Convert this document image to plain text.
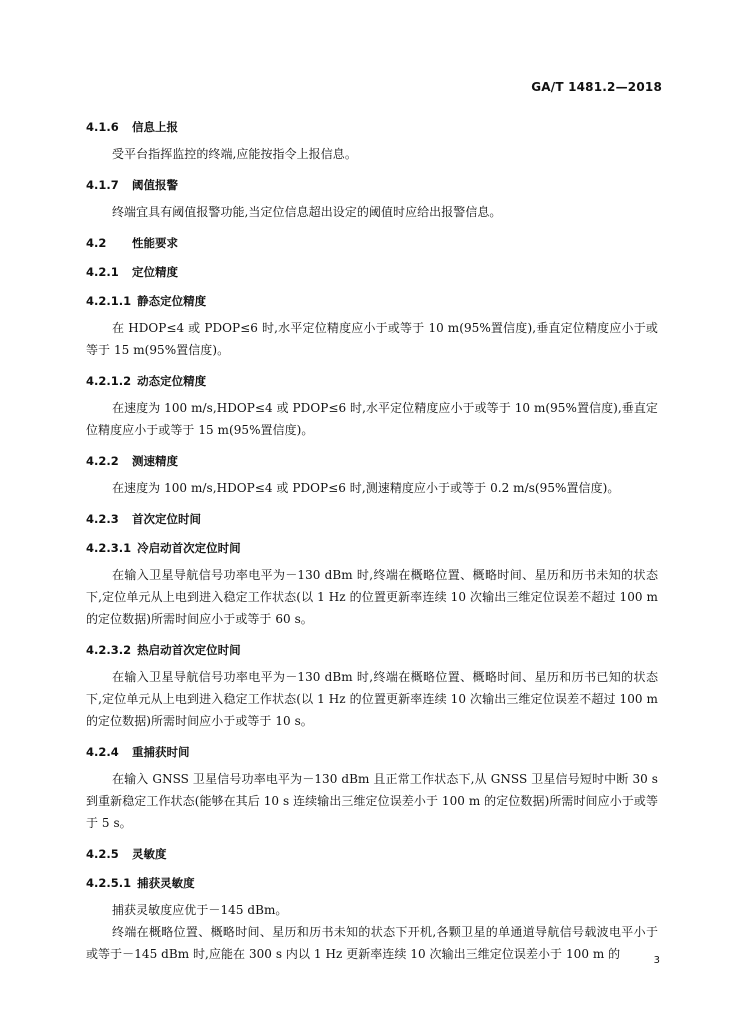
GA/T 1481.2—2018
4.1.6 信息上报
受平台指挥监控的终端,应能按指令上报信息。
4.1.7 阈值报警
终端宜具有阈值报警功能,当定位信息超出设定的阈值时应给出报警信息。
4.2 性能要求
4.2.1 定位精度
4.2.1.1 静态定位精度
在 HDOP≤4 或 PDOP≤6 时,水平定位精度应小于或等于 10 m(95%置信度),垂直定位精度应小于或等于 15 m(95%置信度)。
4.2.1.2 动态定位精度
在速度为 100 m/s,HDOP≤4 或 PDOP≤6 时,水平定位精度应小于或等于 10 m(95%置信度),垂直定位精度应小于或等于 15 m(95%置信度)。
4.2.2 测速精度
在速度为 100 m/s,HDOP≤4 或 PDOP≤6 时,测速精度应小于或等于 0.2 m/s(95%置信度)。
4.2.3 首次定位时间
4.2.3.1 冷启动首次定位时间
在输入卫星导航信号功率电平为－130 dBm 时,终端在概略位置、概略时间、星历和历书未知的状态下,定位单元从上电到进入稳定工作状态(以 1 Hz 的位置更新率连续 10 次输出三维定位误差不超过 100 m 的定位数据)所需时间应小于或等于 60 s。
4.2.3.2 热启动首次定位时间
在输入卫星导航信号功率电平为－130 dBm 时,终端在概略位置、概略时间、星历和历书已知的状态下,定位单元从上电到进入稳定工作状态(以 1 Hz 的位置更新率连续 10 次输出三维定位误差不超过 100 m 的定位数据)所需时间应小于或等于 10 s。
4.2.4 重捕获时间
在输入 GNSS 卫星信号功率电平为－130 dBm 且正常工作状态下,从 GNSS 卫星信号短时中断 30 s 到重新稳定工作状态(能够在其后 10 s 连续输出三维定位误差小于 100 m 的定位数据)所需时间应小于或等于 5 s。
4.2.5 灵敏度
4.2.5.1 捕获灵敏度
捕获灵敏度应优于－145 dBm。
终端在概略位置、概略时间、星历和历书未知的状态下开机,各颗卫星的单通道导航信号载波电平小于或等于－145 dBm 时,应能在 300 s 内以 1 Hz 更新率连续 10 次输出三维定位误差小于 100 m 的	3
